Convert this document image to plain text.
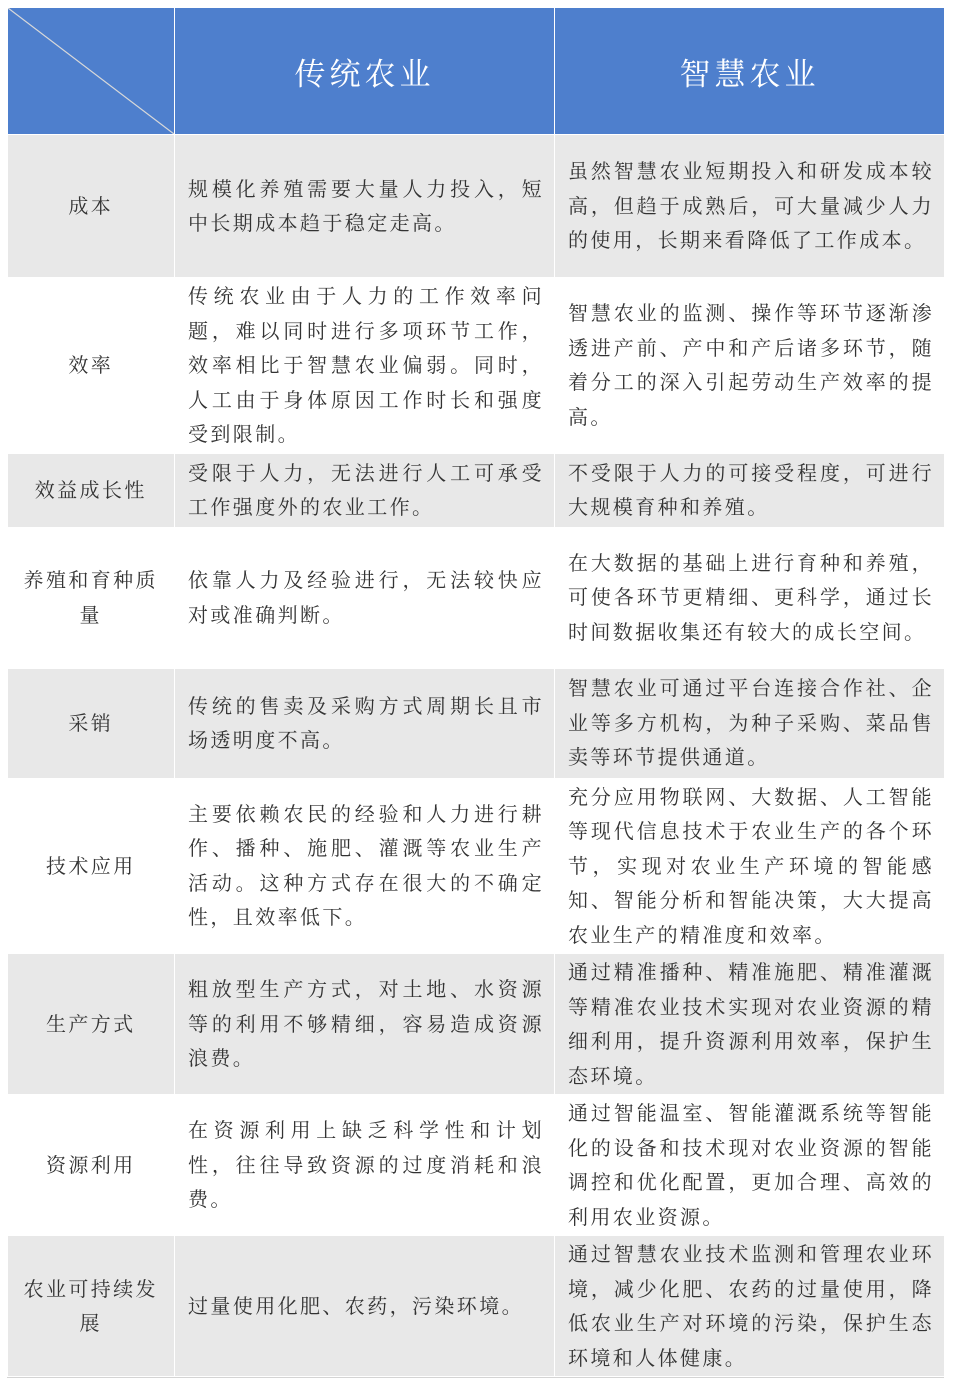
	传统农业	智慧农业
成本	规模化养殖需要大量人力投入，短中长期成本趋于稳定走高。	虽然智慧农业短期投入和研发成本较高，但趋于成熟后，可大量减少人力的使用，长期来看降低了工作成本。
效率	传统农业由于人力的工作效率问题，难以同时进行多项环节工作，效率相比于智慧农业偏弱。同时，人工由于身体原因工作时长和强度受到限制。	智慧农业的监测、操作等环节逐渐渗透进产前、产中和产后诸多环节，随着分工的深入引起劳动生产效率的提高。
效益成长性	受限于人力，无法进行人工可承受工作强度外的农业工作。	不受限于人力的可接受程度，可进行大规模育种和养殖。
养殖和育种质量	依靠人力及经验进行，无法较快应对或准确判断。	在大数据的基础上进行育种和养殖，可使各环节更精细、更科学，通过长时间数据收集还有较大的成长空间。
采销	传统的售卖及采购方式周期长且市场透明度不高。	智慧农业可通过平台连接合作社、企业等多方机构，为种子采购、菜品售卖等环节提供通道。
技术应用	主要依赖农民的经验和人力进行耕作、播种、施肥、灌溉等农业生产活动。这种方式存在很大的不确定性，且效率低下。	充分应用物联网、大数据、人工智能等现代信息技术于农业生产的各个环节，实现对农业生产环境的智能感知、智能分析和智能决策，大大提高农业生产的精准度和效率。
生产方式	粗放型生产方式，对土地、水资源等的利用不够精细，容易造成资源浪费。	通过精准播种、精准施肥、精准灌溉等精准农业技术实现对农业资源的精细利用，提升资源利用效率，保护生态环境。
资源利用	在资源利用上缺乏科学性和计划性，往往导致资源的过度消耗和浪费。	通过智能温室、智能灌溉系统等智能化的设备和技术现对农业资源的智能调控和优化配置，更加合理、高效的利用农业资源。
农业可持续发展	过量使用化肥、农药，污染环境。	通过智慧农业技术监测和管理农业环境，减少化肥、农药的过量使用，降低农业生产对环境的污染，保护生态环境和人体健康。
